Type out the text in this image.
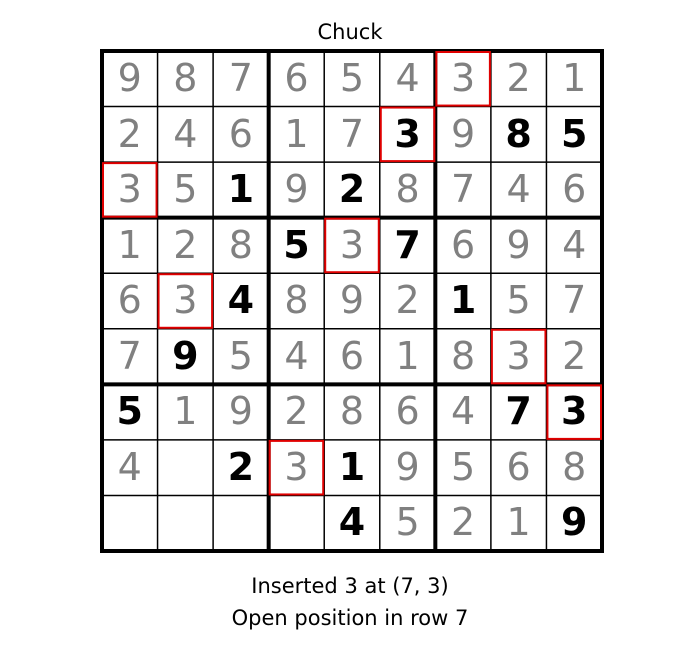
Chuck
9 8 7 6 5 4 3 2 1
2 4 6 1 7 3 9 8 5
3 5 1 9 2 8 7 4 6
1 2 8 5 3 7 6 9 4
6 3 4 8 9 2 1 5 7
7 9 5 4 6 1 8 3 2
5 1 9 2 8 6 4 7 3
4	2 3 1 9 5 6 8
4 5 2 1 9
Inserted 3 at (7, 3)
Open position in row 7
